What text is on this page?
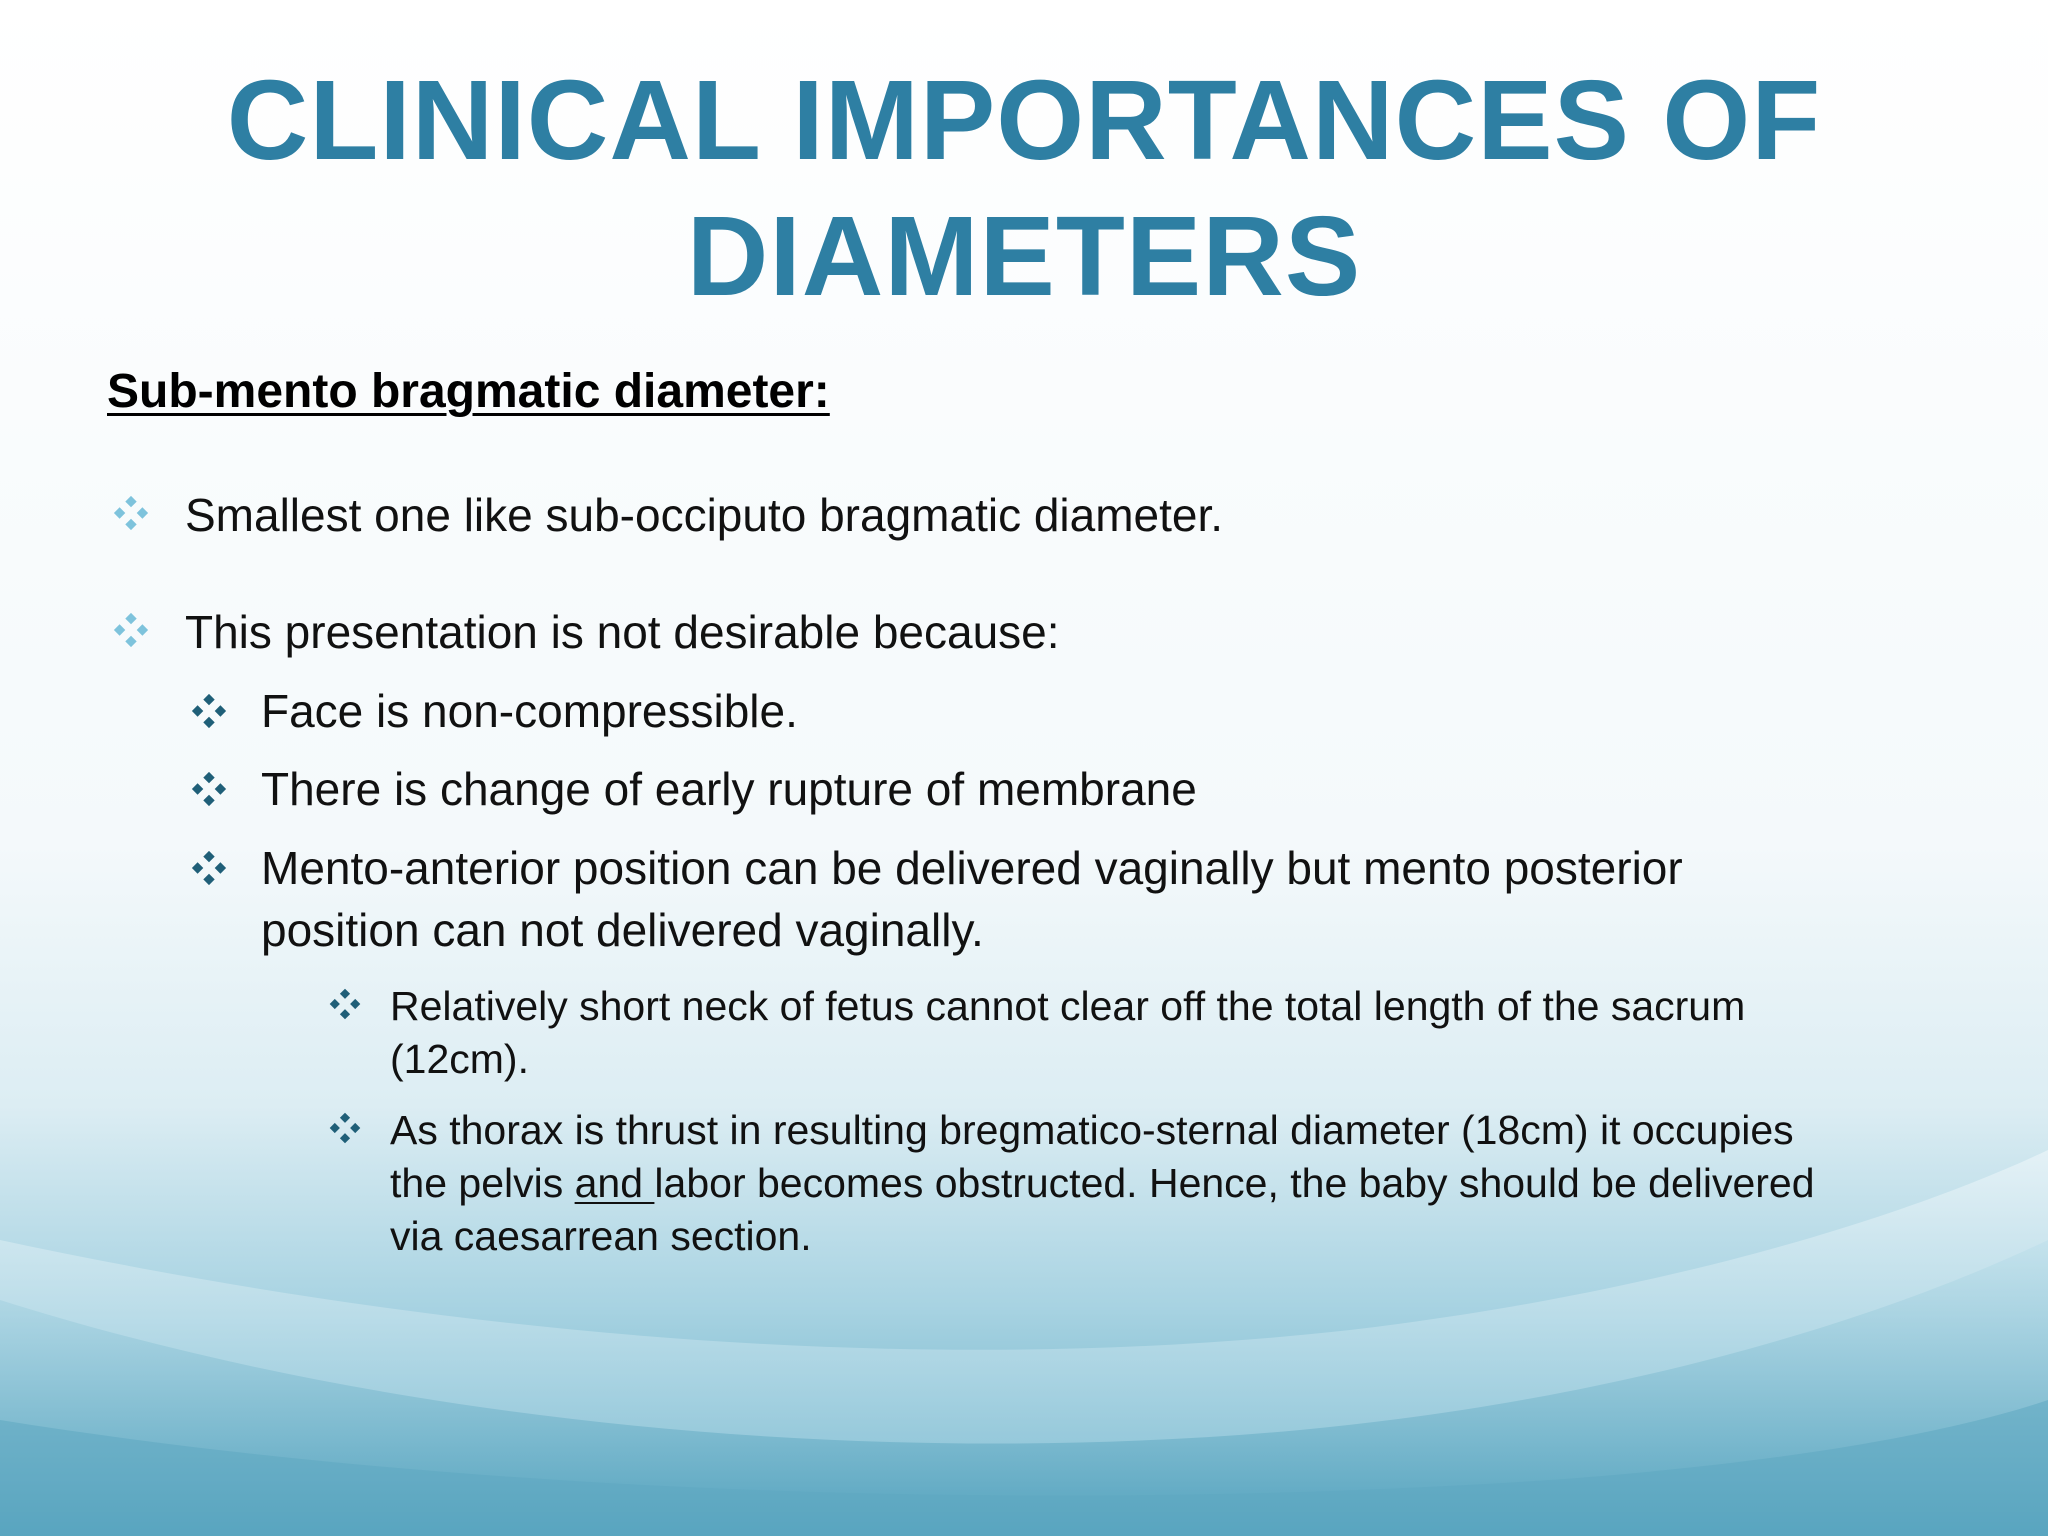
CLINICAL IMPORTANCES OF
DIAMETERS
Sub-mento bragmatic diameter:
Smallest one like sub-occiputo bragmatic diameter.
This presentation is not desirable because:
Face is non-compressible.
There is change of early rupture of membrane
Mento-anterior position can be delivered vaginally but mento posterior
position can not delivered vaginally.
Relatively short neck of fetus cannot clear off the total length of the sacrum
(12cm).
As thorax is thrust in resulting bregmatico-sternal diameter (18cm) it occupies
the pelvis and labor becomes obstructed. Hence, the baby should be delivered
via caesarrean section.
